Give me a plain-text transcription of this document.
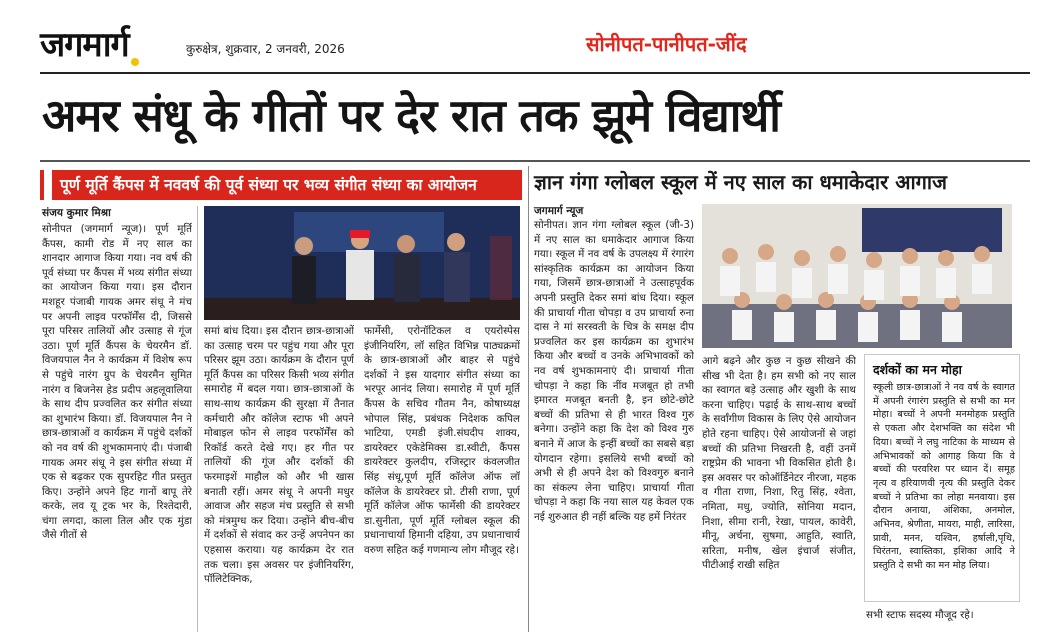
जगमार्ग	कुरुक्षेत्र, शुक्रवार, 2 जनवरी, 2026	सोनीपत-पानीपत-जींद
अमर संधू के गीतों पर देर रात तक झूमे विद्यार्थी
पूर्ण मूर्ति कैंपस में नववर्ष की पूर्व संध्या पर भव्य संगीत संध्या का आयोजन
संजय कुमार मिश्रा
सोनीपत (जगमार्ग न्यूज)। पूर्ण मूर्ति कैंपस, कामी रोड में नए साल का शानदार आगाज किया गया। नव वर्ष की पूर्व संध्या पर कैंपस में भव्य संगीत संध्या का आयोजन किया गया। इस दौरान मशहूर पंजाबी गायक अमर संधू ने मंच पर अपनी लाइव परफॉर्मेंस दी, जिससे पूरा परिसर तालियों और उत्साह से गूंज उठा। पूर्ण मूर्ति कैंपस के चेयरमैन डॉ. विजयपाल नैन ने कार्यक्रम में विशेष रूप से पहुंचे नारंग ग्रुप के चेयरमैन सुमित नारंग व बिजनेस हेड प्रदीप अहलूवालिया के साथ दीप प्रज्वलित कर संगीत संध्या का शुभारंभ किया। डॉ. विजयपाल नैन ने छात्र-छात्राओं व कार्यक्रम में पहुंचे दर्शकों को नव वर्ष की शुभकामनाएं दी। पंजाबी गायक अमर संधू ने इस संगीत संध्या में एक से बढ़कर एक सुपरहिट गीत प्रस्तुत किए। उन्होंने अपने हिट गानों बापू तेरे करके, लव यू ट्रक भर के, रिश्तेदारी, चंगा लगदा, काला तिल और एक मुंडा जैसे गीतों से
समां बांध दिया। इस दौरान छात्र-छात्राओं का उत्साह चरम पर पहुंच गया और पूरा परिसर झूम उठा। कार्यक्रम के दौरान पूर्ण मूर्ति कैंपस का परिसर किसी भव्य संगीत समारोह में बदल गया। छात्र-छात्राओं के साथ-साथ कार्यक्रम की सुरक्षा में तैनात कर्मचारी और कॉलेज स्टाफ भी अपने मोबाइल फोन से लाइव परफॉर्मेंस को रिकॉर्ड करते देखे गए। हर गीत पर तालियों की गूंज और दर्शकों की फरमाइशें माहौल को और भी खास बनाती रहीं। अमर संधू ने अपनी मधुर आवाज और सहज मंच प्रस्तुति से सभी को मंत्रमुग्ध कर दिया। उन्होंने बीच-बीच में दर्शकों से संवाद कर उन्हें अपनेपन का एहसास कराया। यह कार्यक्रम देर रात तक चला। इस अवसर पर इंजीनियरिंग, पॉलिटेक्निक,
फार्मेसी, एरोनॉटिकल व एयरोस्पेस इंजीनियरिंग, लॉ सहित विभिन्न पाठ्यक्रमों के छात्र-छात्राओं और बाहर से पहुंचे दर्शकों ने इस यादगार संगीत संध्या का भरपूर आनंद लिया। समारोह में पूर्ण मूर्ति कैंपस के सचिव गौतम नैन, कोषाध्यक्ष भोपाल सिंह, प्रबंधक निदेशक कपिल भाटिया, एमडी इंजी.संघदीप शाक्य, डायरेक्टर एकेडेमिक्स डा.स्वीटी, कैंपस डायरेक्टर कुलदीप, रजिस्ट्रार कंवलजीत सिंह संधू,पूर्ण मूर्ति कॉलेज ऑफ लॉ कॉलेज के डायरेक्टर प्रो. टीसी राणा, पूर्ण मूर्ति कॉलेज ऑफ फार्मेसी की डायरेक्टर डा.सुनीता, पूर्ण मूर्ति ग्लोबल स्कूल की प्रधानाचार्या हिमानी दहिया, उप प्रधानाचार्य वरुण सहित कई गणमान्य लोग मौजूद रहे।
ज्ञान गंगा ग्लोबल स्कूल में नए साल का धमाकेदार आगाज
जगमार्ग न्यूज
सोनीपत। ज्ञान गंगा ग्लोबल स्कूल (जी-3) में नए साल का धमाकेदार आगाज किया गया। स्कूल में नव वर्ष के उपलक्ष्य में रंगारंग सांस्कृतिक कार्यक्रम का आयोजन किया गया, जिसमें छात्र-छात्राओं ने उत्साहपूर्वक अपनी प्रस्तुति देकर समां बांध दिया। स्कूल की प्राचार्या गीता चोपड़ा व उप प्राचार्या रुना दास ने मां सरस्वती के चित्र के समक्ष दीप प्रज्वलित कर इस कार्यक्रम का शुभारंभ किया और बच्चों व उनके अभिभावकों को नव वर्ष शुभकामनाएं दी। प्राचार्या गीता चोपड़ा ने कहा कि नींव मजबूत हो तभी इमारत मजबूत बनती है, इन छोटे-छोटे बच्चों की प्रतिभा से ही भारत विश्व गुरु बनेगा। उन्होंने कहा कि देश को विश्व गुरु बनाने में आज के इन्हीं बच्चों का सबसे बड़ा योगदान रहेगा। इसलिये सभी बच्चों को अभी से ही अपने देश को विश्वगुरु बनाने का संकल्प लेना चाहिए। प्राचार्या गीता चोपड़ा ने कहा कि नया साल यह केवल एक नई शुरुआत ही नहीं बल्कि यह हमें निरंतर
आगे बढ़ने और कुछ न कुछ सीखने की सीख भी देता है। हम सभी को नए साल का स्वागत बड़े उत्साह और खुशी के साथ करना चाहिए। पढ़ाई के साथ-साथ बच्चों के सर्वांगीण विकास के लिए ऐसे आयोजन होते रहना चाहिए। ऐसे आयोजनों से जहां बच्चों की प्रतिभा निखरती है, वहीं उनमें राष्ट्रप्रेम की भावना भी विकसित होती है। इस अवसर पर कोऑर्डिनेटर नीरजा, महक व गीता राणा, निशा, रितु सिंह, श्वेता, नमिता, मधु, ज्योति, सोनिया मदान, निशा, सीमा रानी, रेखा, पायल, कावेरी, मीनू, अर्चना, सुषमा, आहुति, स्वाति, सरिता, मनीष, खेल इंचार्ज संजीत, पीटीआई राखी सहित
दर्शकों का मन मोहा
स्कूली छात्र-छात्राओं ने नव वर्ष के स्वागत में अपनी रंगारंग प्रस्तुति से सभी का मन मोहा। बच्चों ने अपनी मनमोहक प्रस्तुति से एकता और देशभक्ति का संदेश भी दिया। बच्चों ने लघु नाटिका के माध्यम से अभिभावकों को आगाह किया कि वे बच्चों की परवरिश पर ध्यान दें। समूह नृत्य व हरियाणवी नृत्य की प्रस्तुति देकर बच्चों ने प्रतिभा का लोहा मनवाया। इस दौरान अनाया, अंशिका, अनमोल, अभिनव, श्रेणीता, मायरा, माही, लारिसा, प्रावी, मनन, यश्विन, हर्षाली,पृथि, चिरंतना, स्वास्तिका, इशिका आदि ने प्रस्तुति दे सभी का मन मोह लिया।
सभी स्टाफ सदस्य मौजूद रहे।
